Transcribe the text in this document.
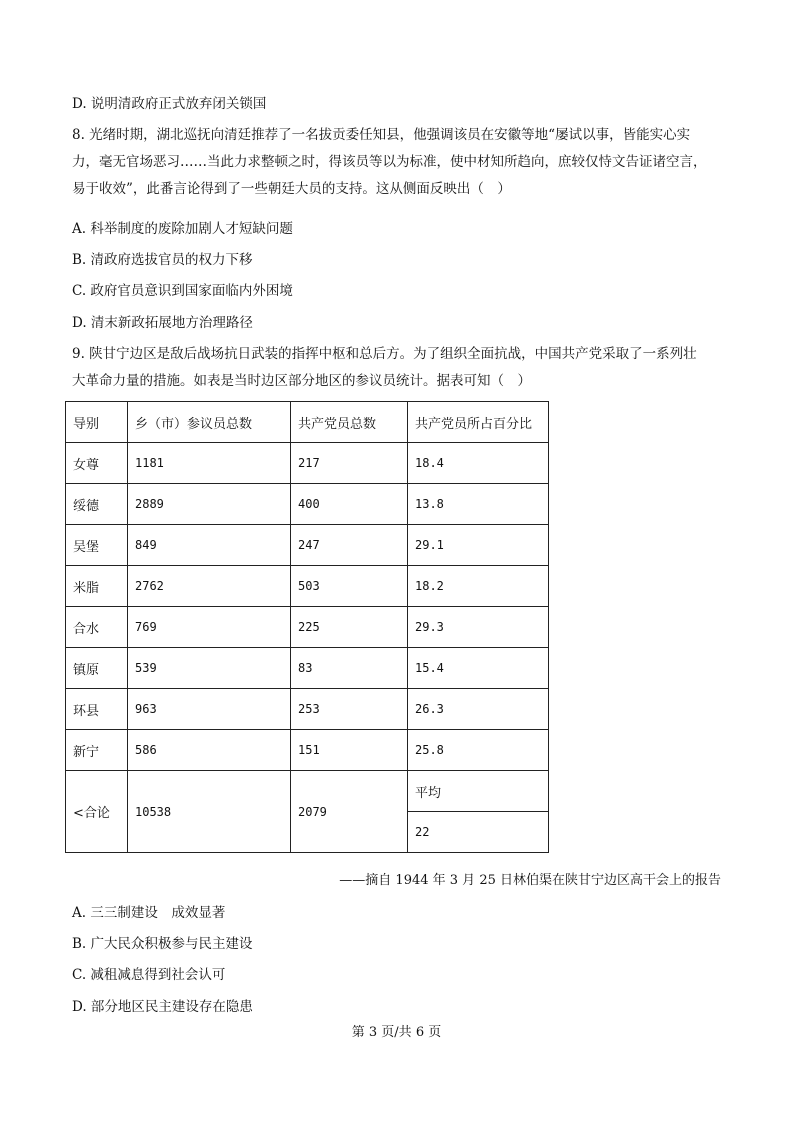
D. 说明清政府正式放弃闭关锁国
8. 光绪时期，湖北巡抚向清廷推荐了一名拔贡委任知县，他强调该员在安徽等地“屡试以事，皆能实心实
力，毫无官场恶习……当此力求整顿之时，得该员等以为标准，使中材知所趋向，庶较仅恃文告证诸空言，
易于收效”，此番言论得到了一些朝廷大员的支持。这从侧面反映出（　）
A. 科举制度的废除加剧人才短缺问题
B. 清政府选拔官员的权力下移
C. 政府官员意识到国家面临内外困境
D. 清末新政拓展地方治理路径
9. 陕甘宁边区是敌后战场抗日武装的指挥中枢和总后方。为了组织全面抗战，中国共产党采取了一系列壮
大革命力量的措施。如表是当时边区部分地区的参议员统计。据表可知（　）
导别	乡（市）参议员总数	共产党员总数	共产党员所占百分比
女尊	1181	217	18.4
绥德	2889	400	13.8
吴堡	849	247	29.1
米脂	2762	503	18.2
合水	769	225	29.3
镇原	539	83	15.4
环县	963	253	26.3
新宁	586	151	25.8
<合论	10538	2079	平均
			22
——摘自 1944 年 3 月 25 日林伯渠在陕甘宁边区高干会上的报告
A. 三三制建设　成效显著
B. 广大民众积极参与民主建设
C. 减租减息得到社会认可
D. 部分地区民主建设存在隐患
第 3 页/共 6 页
